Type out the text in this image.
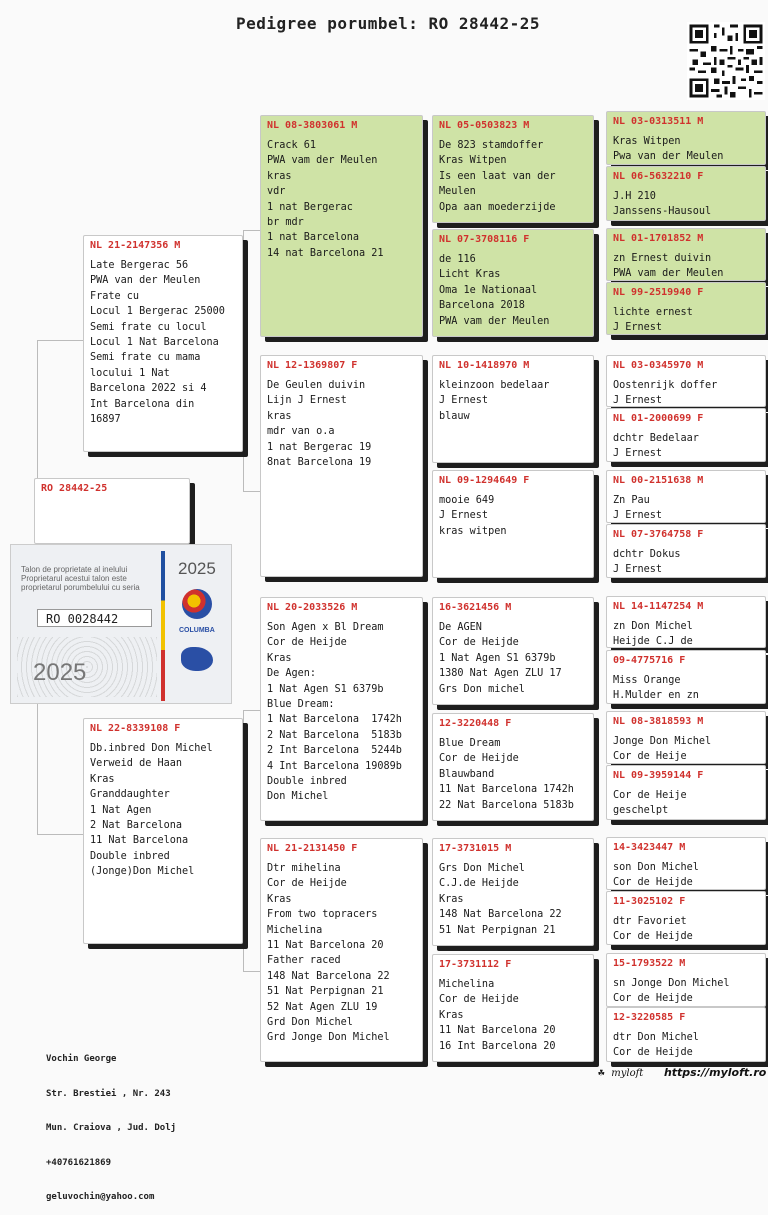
Pedigree porumbel: RO 28442-25
RO 28442-25
Talon de proprietate al inelului
Proprietarul acestui talon este
proprietarul porumbelului cu seria
RO 0028442
2025
COLUMBA
2025
NL 21-2147356 M
Late Bergerac 56
PWA van der Meulen
Frate cu
Locul 1 Bergerac 25000
Semi frate cu locul
Locul 1 Nat Barcelona
Semi frate cu mama
locului 1 Nat
Barcelona 2022 si 4
Int Barcelona din
16897
NL 22-8339108 F
Db.inbred Don Michel
Verweid de Haan
Kras
Granddaughter
1 Nat Agen
2 Nat Barcelona
11 Nat Barcelona
Double inbred
(Jonge)Don Michel
NL 08-3803061 M
Crack 61
PWA vam der Meulen
kras
vdr
1 nat Bergerac
br mdr
1 nat Barcelona
14 nat Barcelona 21
NL 12-1369807 F
De Geulen duivin
Lijn J Ernest
kras
mdr van o.a
1 nat Bergerac 19
8nat Barcelona 19
NL 20-2033526 M
Son Agen x Bl Dream
Cor de Heijde
Kras
De Agen:
1 Nat Agen S1 6379b
Blue Dream:
1 Nat Barcelona  1742h
2 Nat Barcelona  5183b
2 Int Barcelona  5244b
4 Int Barcelona 19089b
Double inbred
Don Michel
NL 21-2131450 F
Dtr mihelina
Cor de Heijde
Kras
From two topracers
Michelina
11 Nat Barcelona 20
Father raced
148 Nat Barcelona 22
51 Nat Perpignan 21
52 Nat Agen ZLU 19
Grd Don Michel
Grd Jonge Don Michel
NL 05-0503823 M
De 823 stamdoffer
Kras Witpen
Is een laat van der
Meulen
Opa aan moederzijde
NL 07-3708116 F
de 116
Licht Kras
Oma 1e Nationaal
Barcelona 2018
PWA vam der Meulen
NL 10-1418970 M
kleinzoon bedelaar
J Ernest
blauw
NL 09-1294649 F
mooie 649
J Ernest
kras witpen
16-3621456 M
De AGEN
Cor de Heijde
1 Nat Agen S1 6379b
1380 Nat Agen ZLU 17
Grs Don michel
12-3220448 F
Blue Dream
Cor de Heijde
Blauwband
11 Nat Barcelona 1742h
22 Nat Barcelona 5183b
17-3731015 M
Grs Don Michel
C.J.de Heijde
Kras
148 Nat Barcelona 22
51 Nat Perpignan 21
17-3731112 F
Michelina
Cor de Heijde
Kras
11 Nat Barcelona 20
16 Int Barcelona 20
NL 03-0313511 M
Kras Witpen
Pwa van der Meulen
NL 06-5632210 F
J.H 210
Janssens-Hausoul
NL 01-1701852 M
zn Ernest duivin
PWA vam der Meulen
NL 99-2519940 F
lichte ernest
J Ernest
NL 03-0345970 M
Oostenrijk doffer
J Ernest
NL 01-2000699 F
dchtr Bedelaar
J Ernest
NL 00-2151638 M
Zn Pau
J Ernest
NL 07-3764758 F
dchtr Dokus
J Ernest
NL 14-1147254 M
zn Don Michel
Heijde C.J de
09-4775716 F
Miss Orange
H.Mulder en zn
NL 08-3818593 M
Jonge Don Michel
Cor de Heije
NL 09-3959144 F
Cor de Heije
geschelpt
14-3423447 M
son Don Michel
Cor de Heijde
11-3025102 F
dtr Favoriet
Cor de Heijde
15-1793522 M
sn Jonge Don Michel
Cor de Heijde
12-3220585 F
dtr Don Michel
Cor de Heijde

Vochin George

Str. Brestiei , Nr. 243

Mun. Craiova , Jud. Dolj

+40761621869

geluvochin@yahoo.com

☘ myloft https://myloft.ro
